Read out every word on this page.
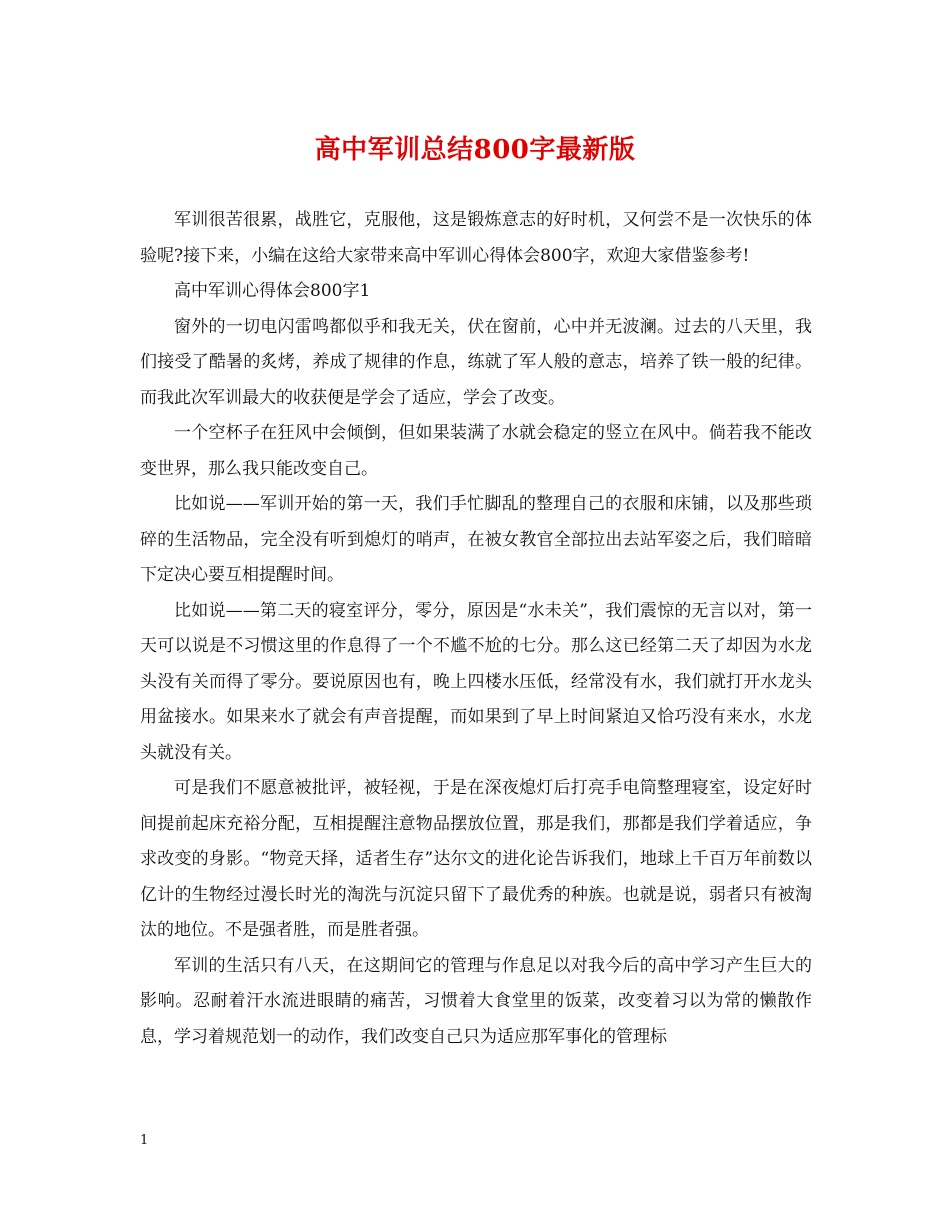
高中军训总结800字最新版

军训很苦很累，战胜它，克服他，这是锻炼意志的好时机，又何尝不是一次快乐的体验呢?接下来，小编在这给大家带来高中军训心得体会800字，欢迎大家借鉴参考!

高中军训心得体会800字1

窗外的一切电闪雷鸣都似乎和我无关，伏在窗前，心中并无波澜。过去的八天里，我们接受了酷暑的炙烤，养成了规律的作息，练就了军人般的意志，培养了铁一般的纪律。而我此次军训最大的收获便是学会了适应，学会了改变。

一个空杯子在狂风中会倾倒，但如果装满了水就会稳定的竖立在风中。倘若我不能改变世界，那么我只能改变自己。

比如说——军训开始的第一天，我们手忙脚乱的整理自己的衣服和床铺，以及那些琐碎的生活物品，完全没有听到熄灯的哨声，在被女教官全部拉出去站军姿之后，我们暗暗下定决心要互相提醒时间。

比如说——第二天的寝室评分，零分，原因是“水未关”，我们震惊的无言以对，第一天可以说是不习惯这里的作息得了一个不尴不尬的七分。那么这已经第二天了却因为水龙头没有关而得了零分。要说原因也有，晚上四楼水压低，经常没有水，我们就打开水龙头用盆接水。如果来水了就会有声音提醒，而如果到了早上时间紧迫又恰巧没有来水，水龙头就没有关。

可是我们不愿意被批评，被轻视，于是在深夜熄灯后打亮手电筒整理寝室，设定好时间提前起床充裕分配，互相提醒注意物品摆放位置，那是我们，那都是我们学着适应，争求改变的身影。“物竞天择，适者生存”达尔文的进化论告诉我们，地球上千百万年前数以亿计的生物经过漫长时光的淘洗与沉淀只留下了最优秀的种族。也就是说，弱者只有被淘汰的地位。不是强者胜，而是胜者强。

军训的生活只有八天，在这期间它的管理与作息足以对我今后的高中学习产生巨大的影响。忍耐着汗水流进眼睛的痛苦，习惯着大食堂里的饭菜，改变着习以为常的懒散作息，学习着规范划一的动作，我们改变自己只为适应那军事化的管理标

1
